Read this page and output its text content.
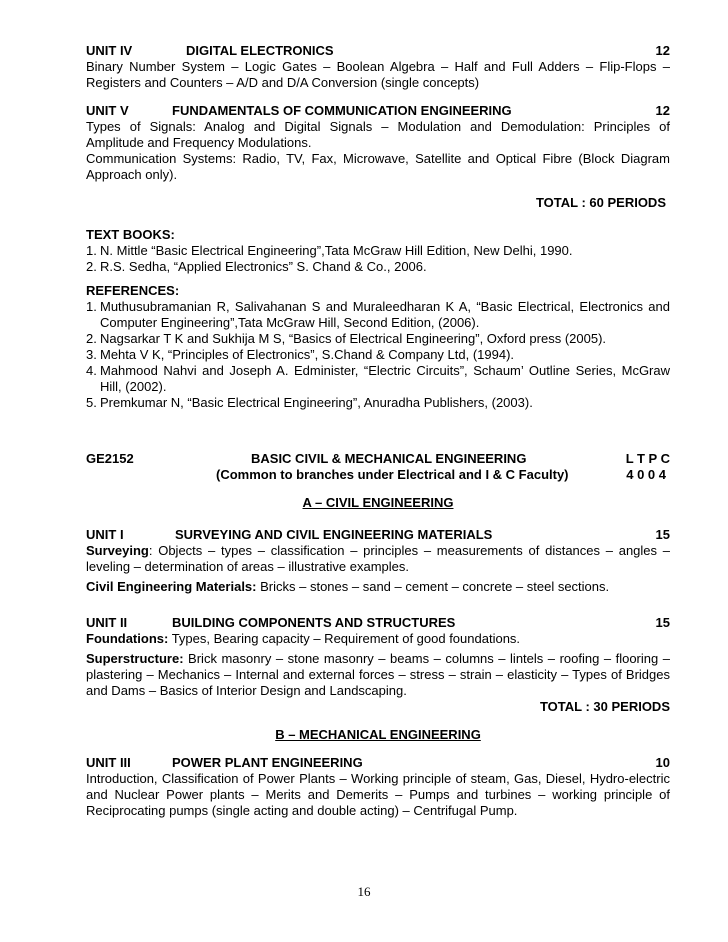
UNIT IV	DIGITAL ELECTRONICS	12
Binary Number System – Logic Gates – Boolean Algebra – Half and Full Adders – Flip-Flops –
Registers and Counters – A/D and D/A Conversion (single concepts)
UNIT V	FUNDAMENTALS OF COMMUNICATION ENGINEERING	12
Types of Signals: Analog and Digital Signals – Modulation and Demodulation: Principles of
Amplitude and Frequency Modulations.
Communication Systems: Radio, TV, Fax, Microwave, Satellite and Optical Fibre (Block Diagram
Approach only).
TOTAL : 60 PERIODS
TEXT BOOKS:
1. N. Mittle “Basic Electrical Engineering”,Tata McGraw Hill Edition, New Delhi, 1990.
2. R.S. Sedha, “Applied Electronics” S. Chand & Co., 2006.
REFERENCES:
1. Muthusubramanian R, Salivahanan S and Muraleedharan K A, “Basic Electrical, Electronics and
Computer Engineering”,Tata McGraw Hill, Second Edition, (2006).
2. Nagsarkar T K and Sukhija M S, “Basics of Electrical Engineering”, Oxford press (2005).
3. Mehta V K, “Principles of Electronics”, S.Chand & Company Ltd, (1994).
4. Mahmood Nahvi and Joseph A. Edminister, “Electric Circuits”, Schaum’ Outline Series, McGraw
Hill, (2002).
5. Premkumar N, “Basic Electrical Engineering”, Anuradha Publishers, (2003).
GE2152	BASIC CIVIL & MECHANICAL ENGINEERING	L T P C
(Common to branches under Electrical and I & C Faculty)	4 0 0 4
A – CIVIL ENGINEERING
UNIT I	SURVEYING AND CIVIL ENGINEERING MATERIALS	15
Surveying: Objects – types – classification – principles – measurements of distances – angles –
leveling – determination of areas – illustrative examples.
Civil Engineering Materials: Bricks – stones – sand – cement – concrete – steel sections.
UNIT II	BUILDING COMPONENTS AND STRUCTURES	15
Foundations: Types, Bearing capacity – Requirement of good foundations.
Superstructure: Brick masonry – stone masonry – beams – columns – lintels – roofing – flooring –
plastering – Mechanics – Internal and external forces – stress – strain – elasticity – Types of Bridges
and Dams – Basics of Interior Design and Landscaping.
TOTAL : 30 PERIODS
B – MECHANICAL ENGINEERING
UNIT III	POWER PLANT ENGINEERING	10
Introduction, Classification of Power Plants – Working principle of steam, Gas, Diesel, Hydro-electric
and Nuclear Power plants – Merits and Demerits – Pumps and turbines – working principle of
Reciprocating pumps (single acting and double acting) – Centrifugal Pump.
16
